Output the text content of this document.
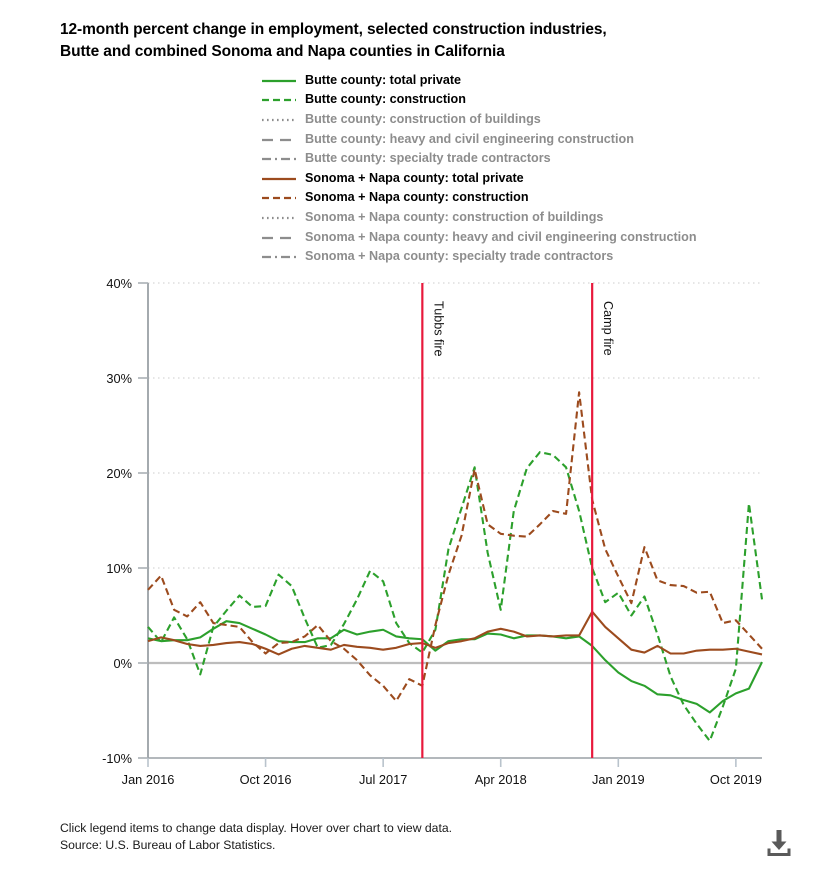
12-month percent change in employment, selected construction industries,
Butte and combined Sonoma and Napa counties in California
Butte county: total private
Butte county: construction
Butte county: construction of buildings
Butte county: heavy and civil engineering construction
Butte county: specialty trade contractors
Sonoma + Napa county: total private
Sonoma + Napa county: construction
Sonoma + Napa county: construction of buildings
Sonoma + Napa county: heavy and civil engineering construction
Sonoma + Napa county: specialty trade contractors
40%
30%
20%
10%
0%
-10%
Jan 2016	Oct 2016	Jul 2017	Apr 2018	Jan 2019	Oct 2019
Tubbs fire	Camp fire
Click legend items to change data display. Hover over chart to view data.
Source: U.S. Bureau of Labor Statistics.
